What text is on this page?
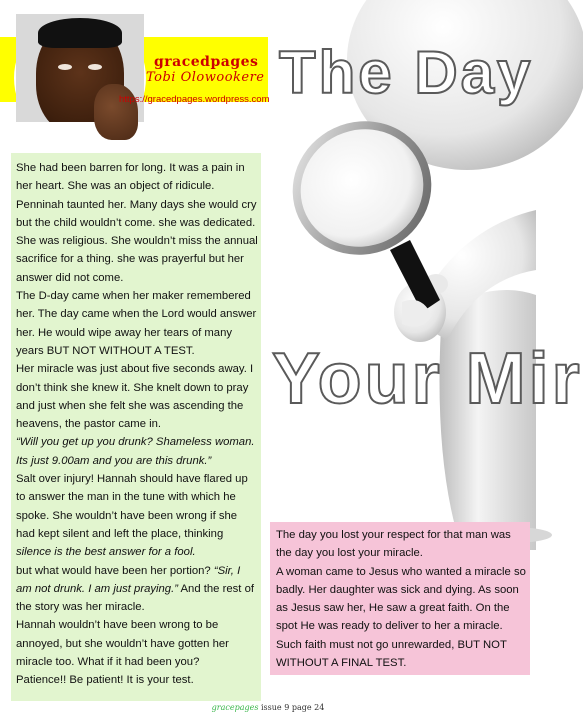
gracedpages
Tobi Olowookere
https://gracedpages.wordpress.com The Day
Your Mir

She had been barren for long. It was a pain in her heart. She was an object of ridicule. Penninah taunted her. Many days she would cry but the child wouldn’t come. she was dedicated. She was religious. She wouldn’t miss the annual sacrifice for a thing. she was prayerful but her answer did not come.

The D-day came when her maker remembered her. The day came when the Lord would answer her. He would wipe away her tears of many years BUT NOT WITHOUT A TEST.

Her miracle was just about five seconds away. I don’t think she knew it. She knelt down to pray and just when she felt she was ascending the heavens, the pastor came in.

“Will you get up you drunk? Shameless woman. Its just 9.00am and you are this drunk.”

Salt over injury! Hannah should have flared up to answer the man in the tune with which he spoke. She wouldn’t have been wrong if she had kept silent and left the place, thinking silence is the best answer for a fool.

but what would have been her portion? “Sir, I am not drunk. I am just praying.” And the rest of the story was her miracle.

Hannah wouldn’t have been wrong to be annoyed, but she wouldn’t have gotten her miracle too. What if it had been you?

Patience!! Be patient! It is your test.

The day you lost your respect for that man was the day you lost your miracle.

A woman came to Jesus who wanted a miracle so badly. Her daughter was sick and dying. As soon as Jesus saw her, He saw a great faith. On the spot He was ready to deliver to her a miracle. Such faith must not go unrewarded, BUT NOT WITHOUT A FINAL TEST.

gracepages issue 9 page 24
